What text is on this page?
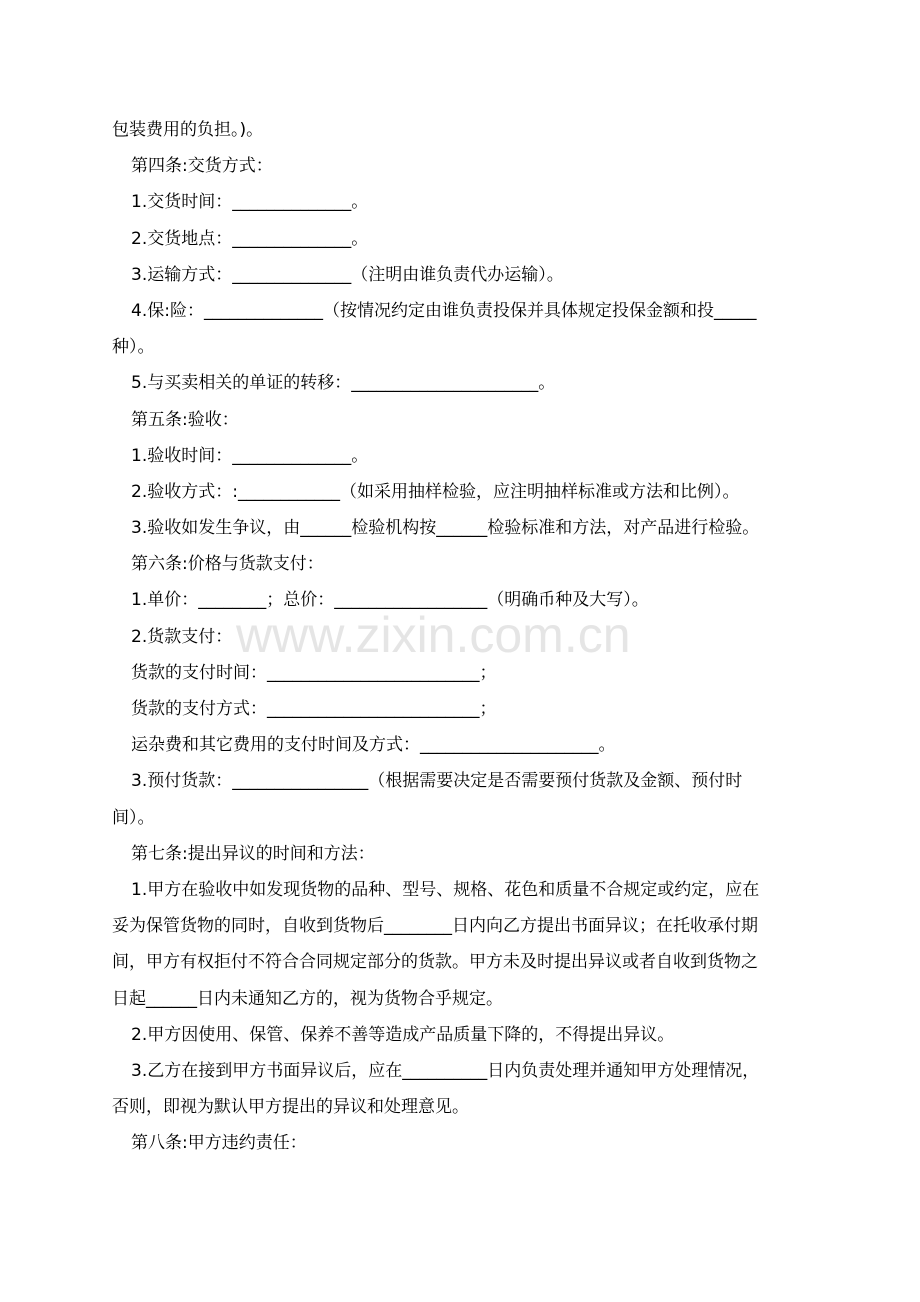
包装费用的负担。)。
第四条:交货方式：
1.交货时间：______________。
2.交货地点：______________。
3.运输方式：______________（注明由谁负责代办运输）。
4.保:险：______________（按情况约定由谁负责投保并具体规定投保金额和投_____
种）。
5.与买卖相关的单证的转移：______________________。
第五条:验收：
1.验收时间：______________。
2.验收方式：:____________（如采用抽样检验，应注明抽样标准或方法和比例）。
3.验收如发生争议，由______检验机构按______检验标准和方法，对产品进行检验。
第六条:价格与货款支付：
1.单价：________；总价：__________________（明确币种及大写）。
2.货款支付：
货款的支付时间：_________________________；
货款的支付方式：_________________________；
运杂费和其它费用的支付时间及方式：_____________________。
3.预付货款：________________（根据需要决定是否需要预付货款及金额、预付时
间）。
第七条:提出异议的时间和方法：
1.甲方在验收中如发现货物的品种、型号、规格、花色和质量不合规定或约定，应在
妥为保管货物的同时，自收到货物后________日内向乙方提出书面异议；在托收承付期
间，甲方有权拒付不符合合同规定部分的货款。甲方未及时提出异议或者自收到货物之
日起______日内未通知乙方的，视为货物合乎规定。
2.甲方因使用、保管、保养不善等造成产品质量下降的，不得提出异议。
3.乙方在接到甲方书面异议后，应在__________日内负责处理并通知甲方处理情况，
否则，即视为默认甲方提出的异议和处理意见。
第八条:甲方违约责任：
www.zixin.com.cn
